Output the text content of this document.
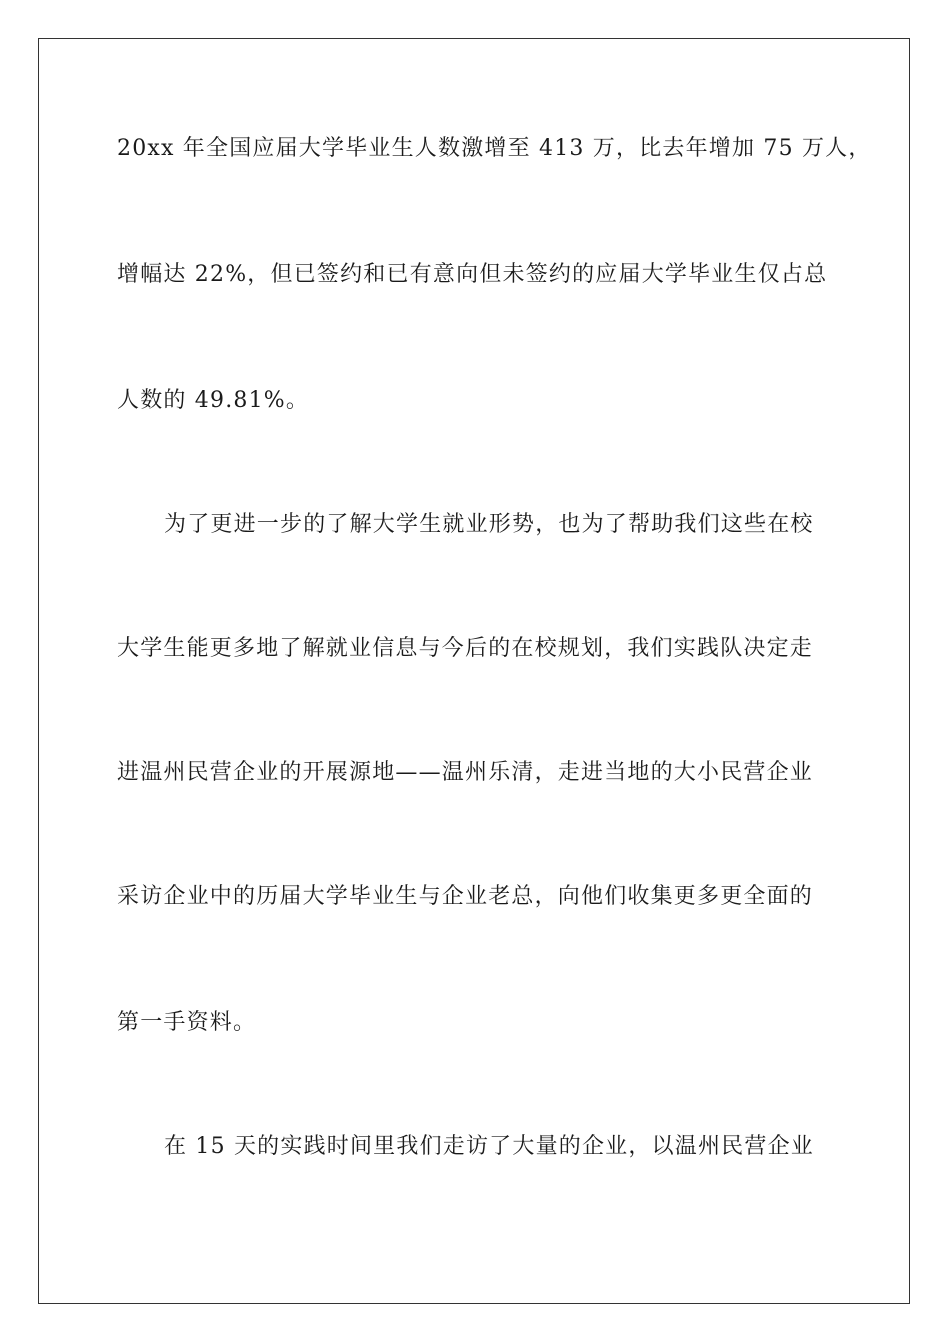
20xx 年全国应届大学毕业生人数激增至 413 万，比去年增加 75 万人，
增幅达 22%，但已签约和已有意向但未签约的应届大学毕业生仅占总
人数的 49.81%。
为了更进一步的了解大学生就业形势，也为了帮助我们这些在校
大学生能更多地了解就业信息与今后的在校规划，我们实践队决定走
进温州民营企业的开展源地——温州乐清，走进当地的大小民营企业
采访企业中的历届大学毕业生与企业老总，向他们收集更多更全面的
第一手资料。
在 15 天的实践时间里我们走访了大量的企业，以温州民营企业
